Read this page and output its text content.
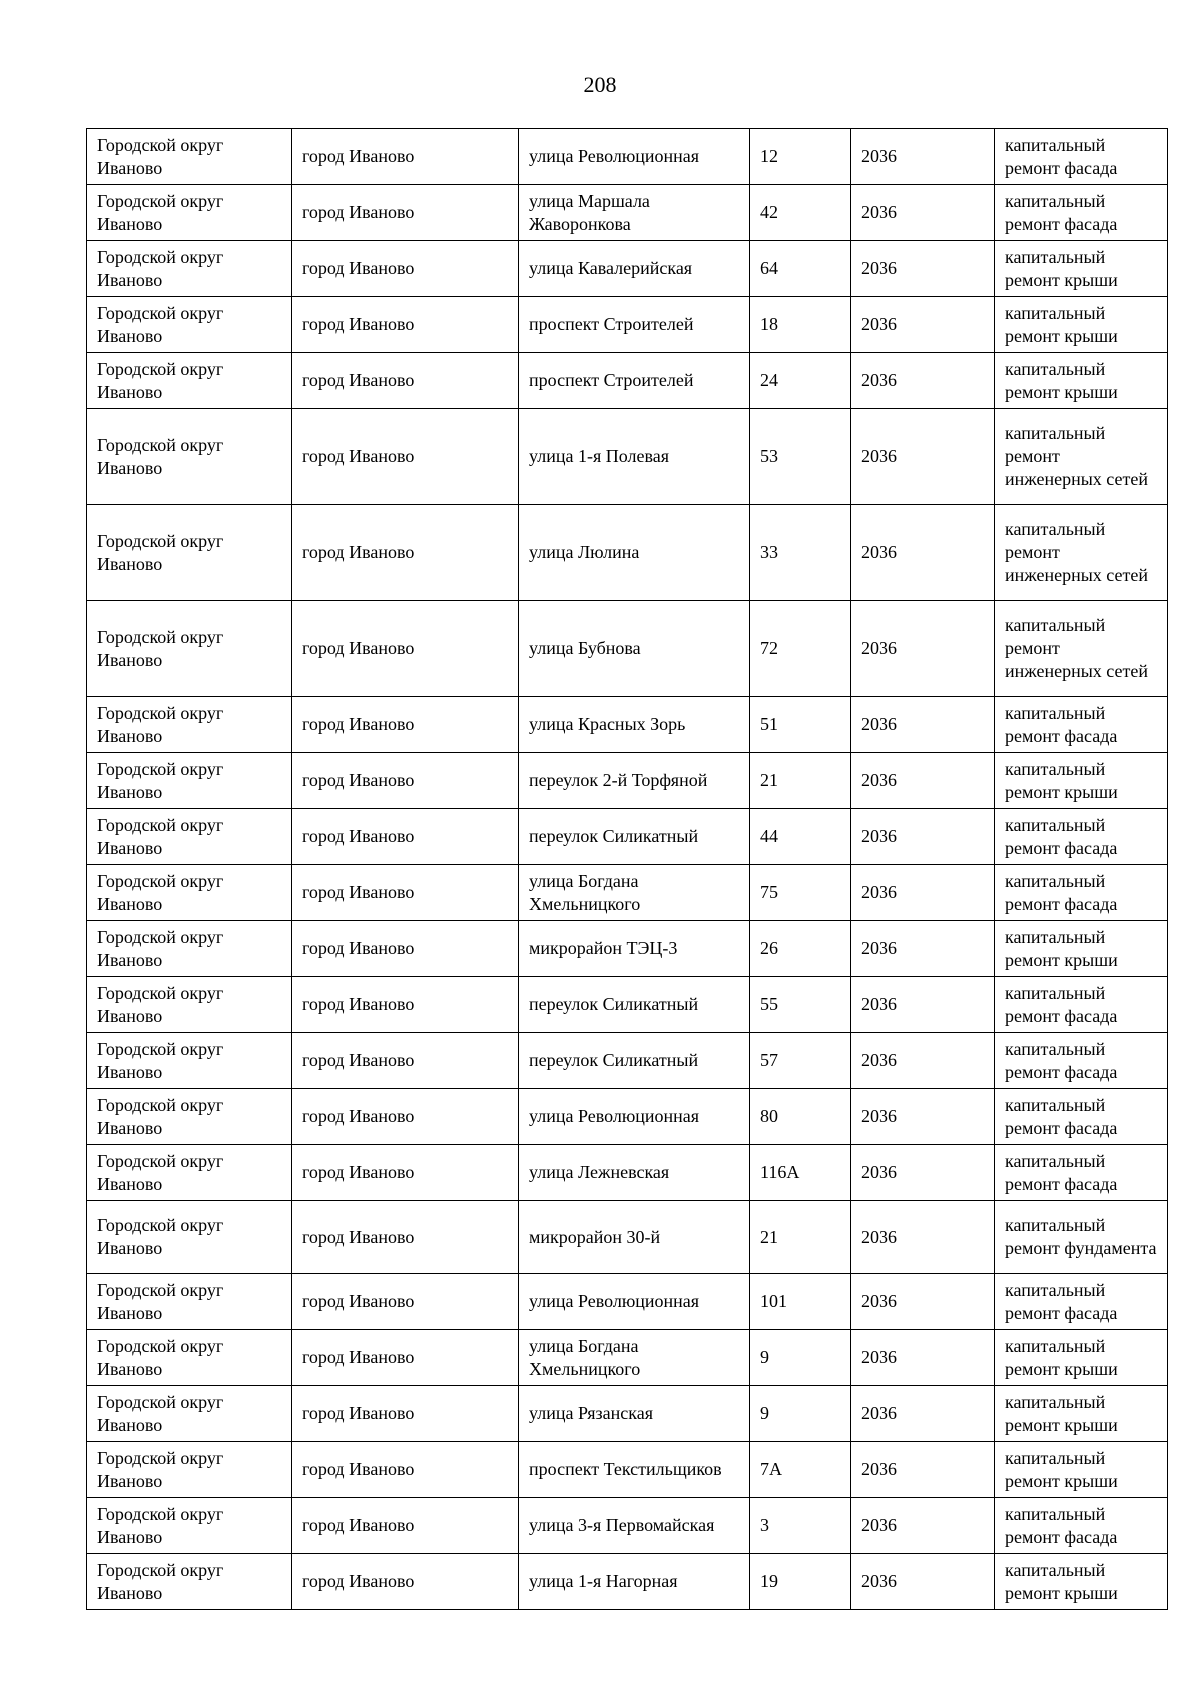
208
Городской округ Иваново	город Иваново	улица Революционная	12	2036	капитальный ремонт фасада
Городской округ Иваново	город Иваново	улица Маршала Жаворонкова	42	2036	капитальный ремонт фасада
Городской округ Иваново	город Иваново	улица Кавалерийская	64	2036	капитальный ремонт крыши
Городской округ Иваново	город Иваново	проспект Строителей	18	2036	капитальный ремонт крыши
Городской округ Иваново	город Иваново	проспект Строителей	24	2036	капитальный ремонт крыши
Городской округ Иваново	город Иваново	улица 1-я Полевая	53	2036	капитальный ремонт инженерных сетей
Городской округ Иваново	город Иваново	улица Люлина	33	2036	капитальный ремонт инженерных сетей
Городской округ Иваново	город Иваново	улица Бубнова	72	2036	капитальный ремонт инженерных сетей
Городской округ Иваново	город Иваново	улица Красных Зорь	51	2036	капитальный ремонт фасада
Городской округ Иваново	город Иваново	переулок 2-й Торфяной	21	2036	капитальный ремонт крыши
Городской округ Иваново	город Иваново	переулок Силикатный	44	2036	капитальный ремонт фасада
Городской округ Иваново	город Иваново	улица Богдана Хмельницкого	75	2036	капитальный ремонт фасада
Городской округ Иваново	город Иваново	микрорайон ТЭЦ-3	26	2036	капитальный ремонт крыши
Городской округ Иваново	город Иваново	переулок Силикатный	55	2036	капитальный ремонт фасада
Городской округ Иваново	город Иваново	переулок Силикатный	57	2036	капитальный ремонт фасада
Городской округ Иваново	город Иваново	улица Революционная	80	2036	капитальный ремонт фасада
Городской округ Иваново	город Иваново	улица Лежневская	116А	2036	капитальный ремонт фасада
Городской округ Иваново	город Иваново	микрорайон 30-й	21	2036	капитальный ремонт фундамента
Городской округ Иваново	город Иваново	улица Революционная	101	2036	капитальный ремонт фасада
Городской округ Иваново	город Иваново	улица Богдана Хмельницкого	9	2036	капитальный ремонт крыши
Городской округ Иваново	город Иваново	улица Рязанская	9	2036	капитальный ремонт крыши
Городской округ Иваново	город Иваново	проспект Текстильщиков	7А	2036	капитальный ремонт крыши
Городской округ Иваново	город Иваново	улица 3-я Первомайская	3	2036	капитальный ремонт фасада
Городской округ Иваново	город Иваново	улица 1-я Нагорная	19	2036	капитальный ремонт крыши
